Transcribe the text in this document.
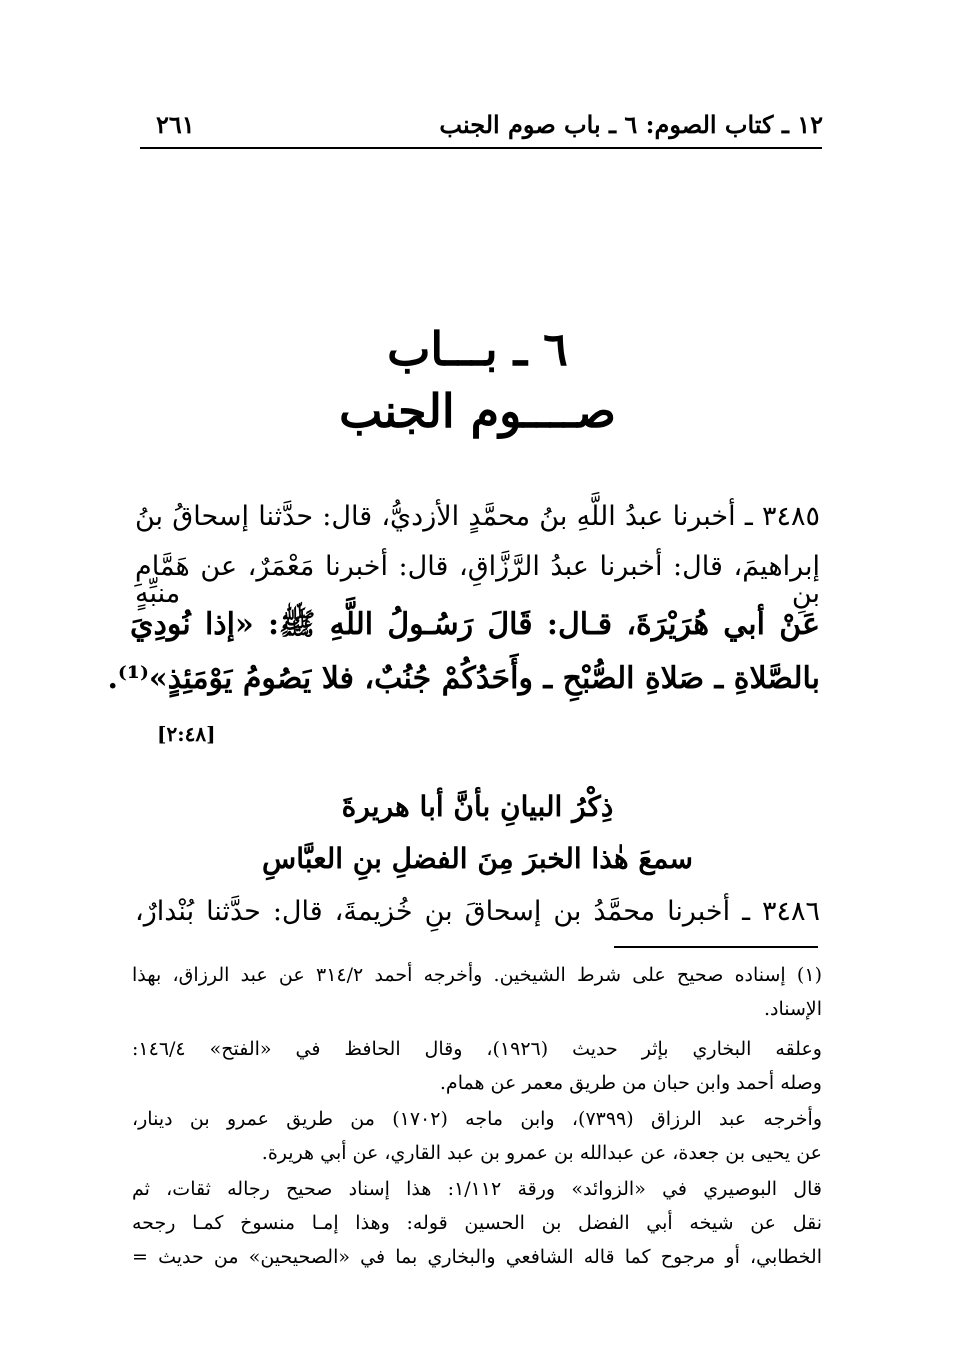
١٢ ـ كتاب الصوم: ٦ ـ باب صوم الجنب
٢٦١
٦ ـ بـــاب
صــــوم الجنب
٣٤٨٥ ـ أخبرنا عبدُ اللَّهِ بنُ محمَّدٍ الأزديُّ، قال: حدَّثنا إسحاقُ بنُ
إبراهيمَ، قال: أخبرنا عبدُ الرَّزَّاقِ، قال: أخبرنا مَعْمَرٌ، عن هَمَّامِ بنِ منبِّهٍ
عَنْ أبي هُرَيْرَةَ، قـال: قَالَ رَسُـولُ اللَّهِ ﷺ: «إذا نُودِيَ
بالصَّلاةِ ـ صَلاةِ الصُّبْحِ ـ وأَحَدُكُمْ جُنُبٌ، فلا يَصُومُ يَوْمَئِذٍ»⁽¹⁾.
[٢:٤٨]
ذِكْرُ البيانِ بأنَّ أبا هريرةَ
سمعَ هٰذا الخبرَ مِنَ الفضلِ بنِ العبَّاسِ
٣٤٨٦ ـ أخبرنا محمَّدُ بن إسحاقَ بنِ خُزيمةَ، قال: حدَّثنا بُنْدارٌ،
(١) إسناده صحيح على شرط الشيخين. وأخرجه أحمد ٣١٤/٢ عن عبد الرزاق، بهذا
الإسناد.
وعلقه البخاري بإثر حديث (١٩٢٦)، وقال الحافظ في «الفتح» ١٤٦/٤:
وصله أحمد وابن حبان من طريق معمر عن همام.
وأخرجه عبد الرزاق (٧٣٩٩)، وابن ماجه (١٧٠٢) من طريق عمرو بن دينار،
عن يحيى بن جعدة، عن عبدالله بن عمرو بن عبد القاري، عن أبي هريرة.
قال البوصيري في «الزوائد» ورقة ١/١١٢: هذا إسناد صحيح رجاله ثقات، ثم
نقل عن شيخه أبي الفضل بن الحسين قوله: وهذا إمـا منسوخ كمـا رجحه
الخطابي، أو مرجوح كما قاله الشافعي والبخاري بما في «الصحيحين» من حديث =
